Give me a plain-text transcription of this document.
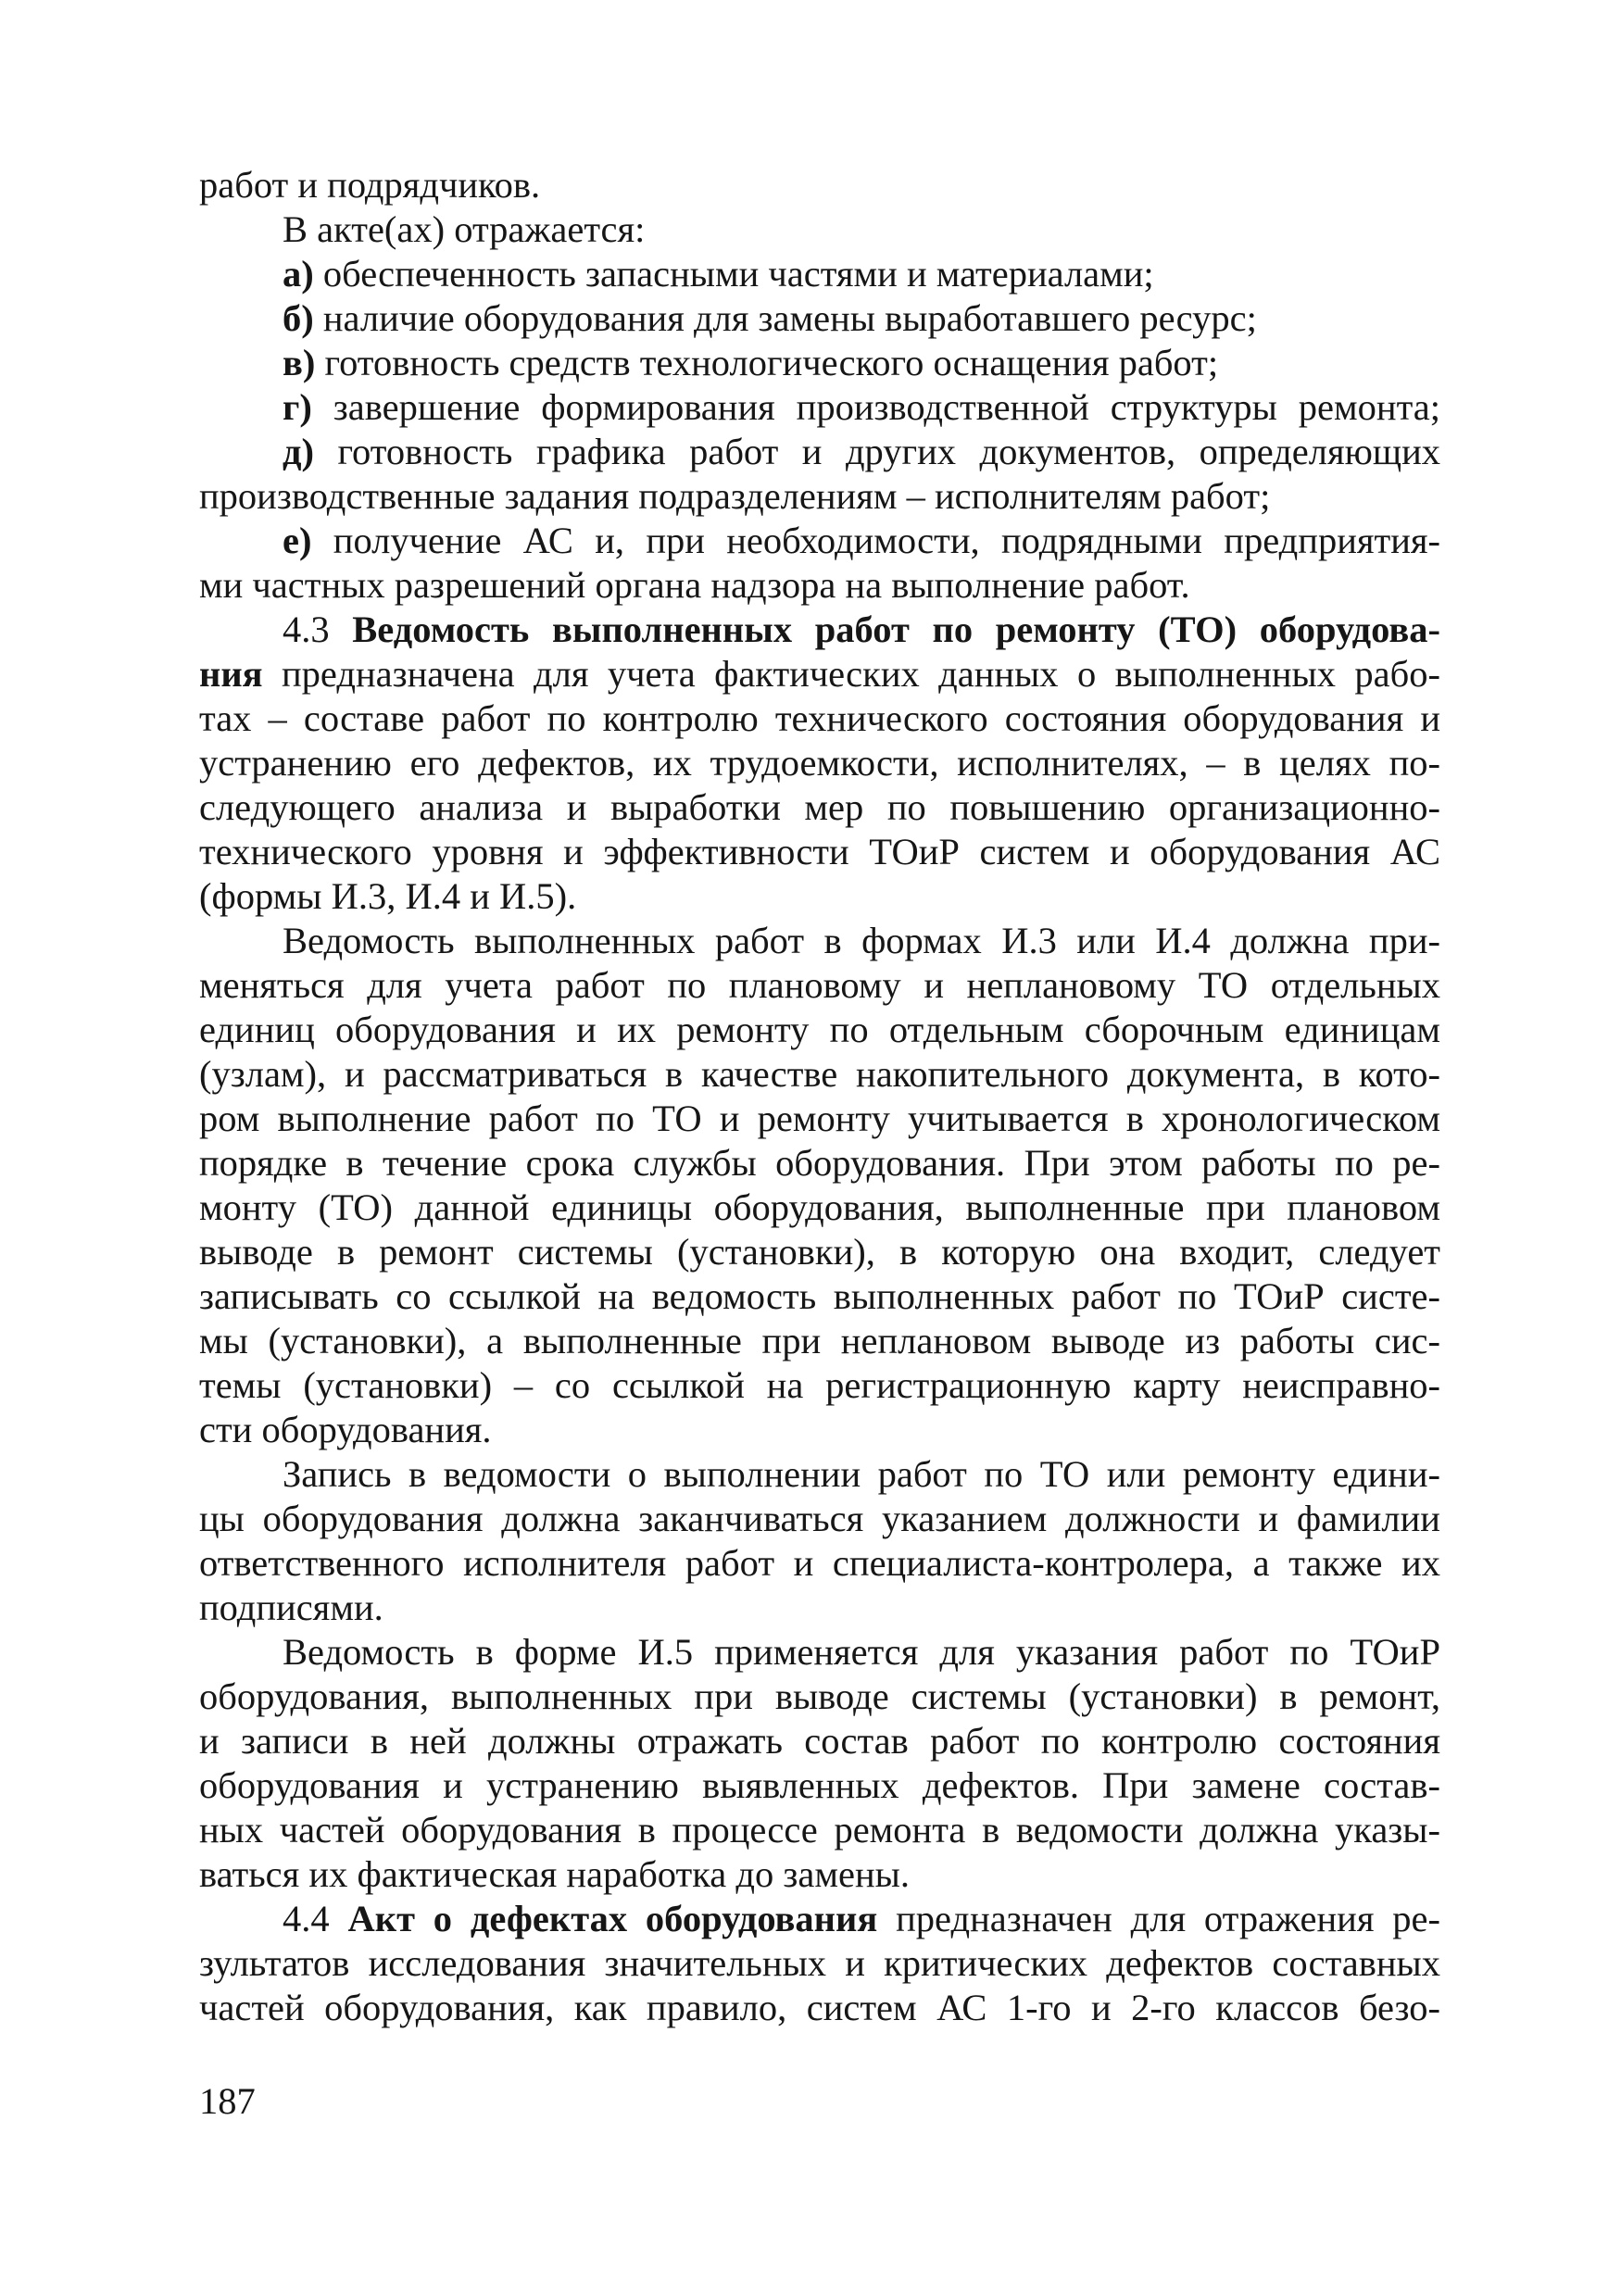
работ и подрядчиков.
В акте(ах) отражается:
а) обеспеченность запасными частями и материалами;
б) наличие оборудования для замены выработавшего ресурс;
в) готовность средств технологического оснащения работ;
г) завершение формирования производственной структуры ремонта;
д) готовность графика работ и других документов, определяющих
производственные задания подразделениям – исполнителям работ;
е) получение АС и, при необходимости, подрядными предприятия-
ми частных разрешений органа надзора на выполнение работ.
4.3 Ведомость выполненных работ по ремонту (ТО) оборудова-
ния предназначена для учета фактических данных о выполненных рабо-
тах – составе работ по контролю технического состояния оборудования и
устранению его дефектов, их трудоемкости, исполнителях, – в целях по-
следующего анализа и выработки мер по повышению организационно-
технического уровня и эффективности ТОиР систем и оборудования АС
(формы И.3, И.4 и И.5).
Ведомость выполненных работ в формах И.3 или И.4 должна при-
меняться для учета работ по плановому и неплановому ТО отдельных
единиц оборудования и их ремонту по отдельным сборочным единицам
(узлам), и рассматриваться в качестве накопительного документа, в кото-
ром выполнение работ по ТО и ремонту учитывается в хронологическом
порядке в течение срока службы оборудования. При этом работы по ре-
монту (ТО) данной единицы оборудования, выполненные при плановом
выводе в ремонт системы (установки), в которую она входит, следует
записывать со ссылкой на ведомость выполненных работ по ТОиР систе-
мы (установки), а выполненные при неплановом выводе из работы сис-
темы (установки) – со ссылкой на регистрационную карту неисправно-
сти оборудования.
Запись в ведомости о выполнении работ по ТО или ремонту едини-
цы оборудования должна заканчиваться указанием должности и фамилии
ответственного исполнителя работ и специалиста-контролера, а также их
подписями.
Ведомость в форме И.5 применяется для указания работ по ТОиР
оборудования, выполненных при выводе системы (установки) в ремонт,
и записи в ней должны отражать состав работ по контролю состояния
оборудования и устранению выявленных дефектов. При замене состав-
ных частей оборудования в процессе ремонта в ведомости должна указы-
ваться их фактическая наработка до замены.
4.4 Акт о дефектах оборудования предназначен для отражения ре-
зультатов исследования значительных и критических дефектов составных
частей оборудования, как правило, систем АС 1-го и 2-го классов безо-
187
